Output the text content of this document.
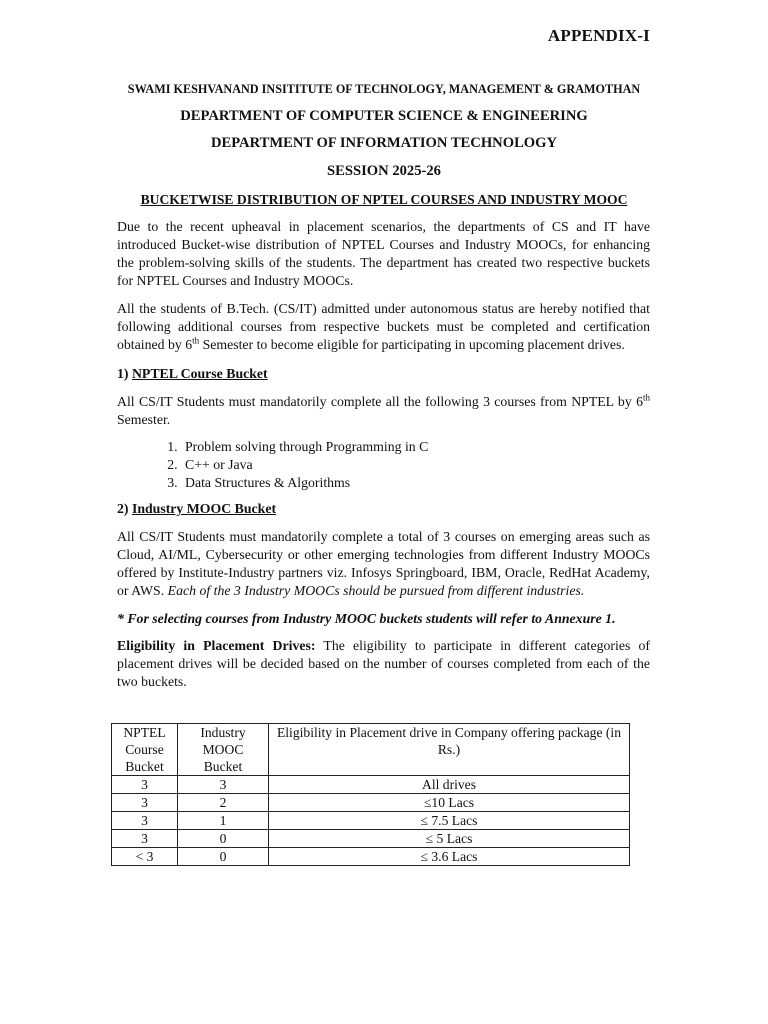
APPENDIX-I
SWAMI KESHVANAND INSITITUTE OF TECHNOLOGY, MANAGEMENT & GRAMOTHAN
DEPARTMENT OF COMPUTER SCIENCE & ENGINEERING
DEPARTMENT OF INFORMATION TECHNOLOGY
SESSION 2025-26
BUCKETWISE DISTRIBUTION OF NPTEL COURSES AND INDUSTRY MOOC

Due to the recent upheaval in placement scenarios, the departments of CS and IT have introduced Bucket-wise distribution of NPTEL Courses and Industry MOOCs, for enhancing the problem-solving skills of the students. The department has created two respective buckets for NPTEL Courses and Industry MOOCs.

All the students of B.Tech. (CS/IT) admitted under autonomous status are hereby notified that following additional courses from respective buckets must be completed and certification obtained by 6th Semester to become eligible for participating in upcoming placement drives.

1) NPTEL Course Bucket

All CS/IT Students must mandatorily complete all the following 3 courses from NPTEL by 6th Semester.

1. Problem solving through Programming in C
2. C++ or Java
3. Data Structures & Algorithms
2) Industry MOOC Bucket

All CS/IT Students must mandatorily complete a total of 3 courses on emerging areas such as Cloud, AI/ML, Cybersecurity or other emerging technologies from different Industry MOOCs offered by Institute-Industry partners viz. Infosys Springboard, IBM, Oracle, RedHat Academy, or AWS. Each of the 3 Industry MOOCs should be pursued from different industries.

* For selecting courses from Industry MOOC buckets students will refer to Annexure 1.

Eligibility in Placement Drives: The eligibility to participate in different categories of placement drives will be decided based on the number of courses completed from each of the two buckets.

NPTEL Course Bucket	Industry MOOC Bucket	Eligibility in Placement drive in Company offering package (in Rs.)
3	3	All drives
3	2	≤10 Lacs
3	1	≤ 7.5 Lacs
3	0	≤ 5 Lacs
< 3	0	≤ 3.6 Lacs
